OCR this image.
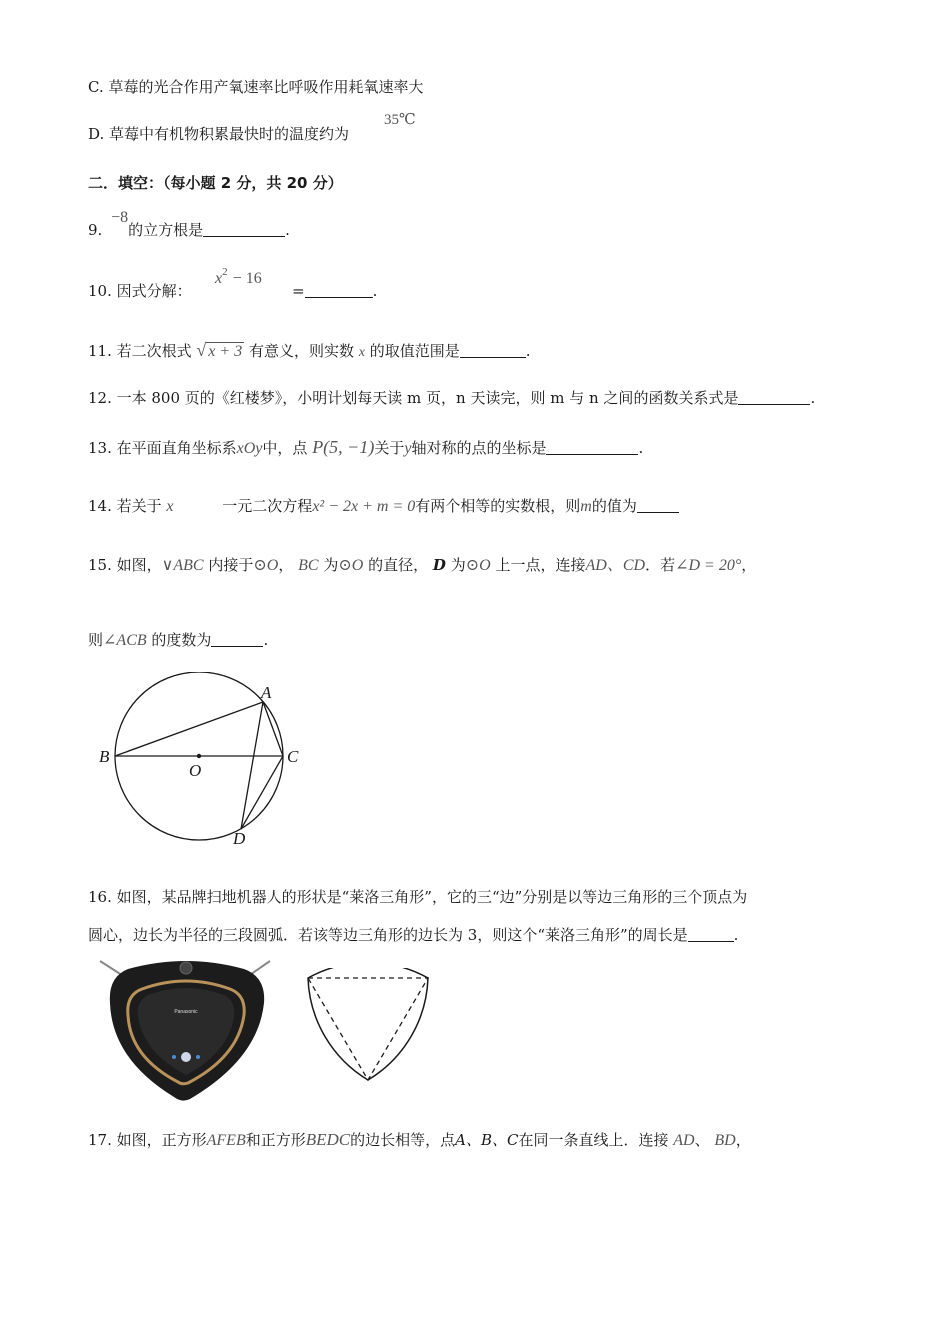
C. 草莓的光合作用产氧速率比呼吸作用耗氧速率大
D. 草莓中有机物积累最快时的温度约为
35℃
二．填空：（每小题 2 分，共 20 分）
9. −8的立方根是	.
10. 因式分解：
$x^2 - 16$
=	.
11. 若二次根式 √ x + 3 有意义，则实数 x 的取值范围是	.
12. 一本 800 页的《红楼梦》，小明计划每天读 m 页，n 天读完，则 m 与 n 之间的函数关系式是	.
13. 在平面直角坐标系xOy中，点 P(5, −1)关于y轴对称的点的坐标是	.
14. 若关于 x	一元二次方程x² − 2x + m = 0有两个相等的实数根，则m的值为
15. 如图，∨ABC 内接于⊙O， BC 为⊙O 的直径， D 为⊙O 上一点，连接AD、CD．若∠D = 20°，
则∠ACB 的度数为	.
A
B	C
O
D
16. 如图，某品牌扫地机器人的形状是“莱洛三角形”，它的三“边”分别是以等边三角形的三个顶点为
圆心，边长为半径的三段圆弧．若该等边三角形的边长为 3，则这个“莱洛三角形”的周长是	.
Panasonic
17. 如图，正方形AFEB和正方形BEDC的边长相等，点A、B、C在同一条直线上．连接 AD、 BD，
